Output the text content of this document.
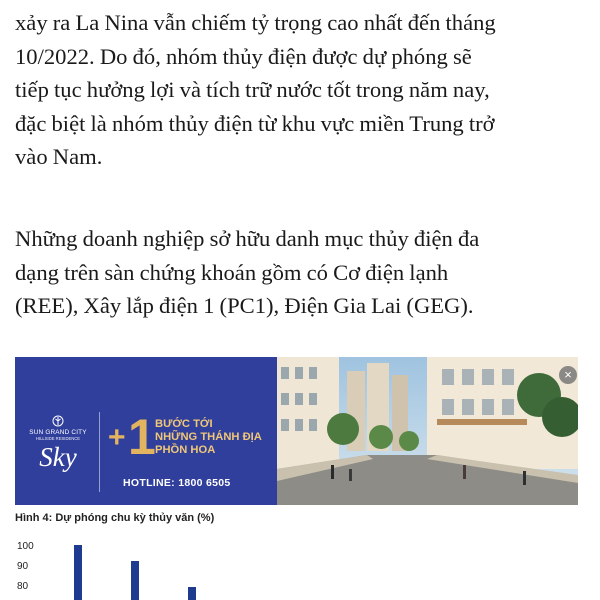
xảy ra La Nina vẫn chiếm tỷ trọng cao nhất đến tháng
10/2022. Do đó, nhóm thủy điện được dự phóng sẽ
tiếp tục hưởng lợi và tích trữ nước tốt trong năm nay,
đặc biệt là nhóm thủy điện từ khu vực miền Trung trở
vào Nam.

Những doanh nghiệp sở hữu danh mục thủy điện đa
dạng trên sàn chứng khoán gồm có Cơ điện lạnh
(REE), Xây lắp điện 1 (PC1), Điện Gia Lai (GEG).

SUN GRAND CITY
HILLSIDE RESIDENCE
Sky
+ 1 BƯỚC TỚI
NHỮNG THÁNH ĐỊA
PHỒN HOA
HOTLINE: 1800 6505
×
Hình 4: Dự phóng chu kỳ thủy văn (%)
100
90
80
